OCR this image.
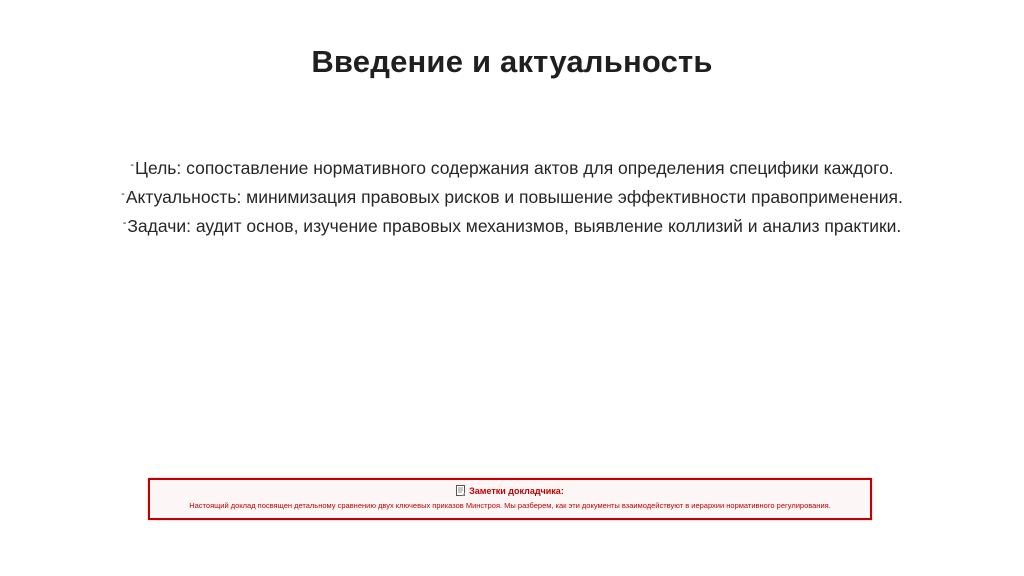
Введение и актуальность
-Цель: сопоставление нормативного содержания актов для определения специфики каждого.
-Актуальность: минимизация правовых рисков и повышение эффективности правоприменения.
-Задачи: аудит основ, изучение правовых механизмов, выявление коллизий и анализ практики.
Заметки докладчика:
Настоящий доклад посвящен детальному сравнению двух ключевых приказов Минстроя. Мы разберем, как эти документы взаимодействуют в иерархии нормативного регулирования.
